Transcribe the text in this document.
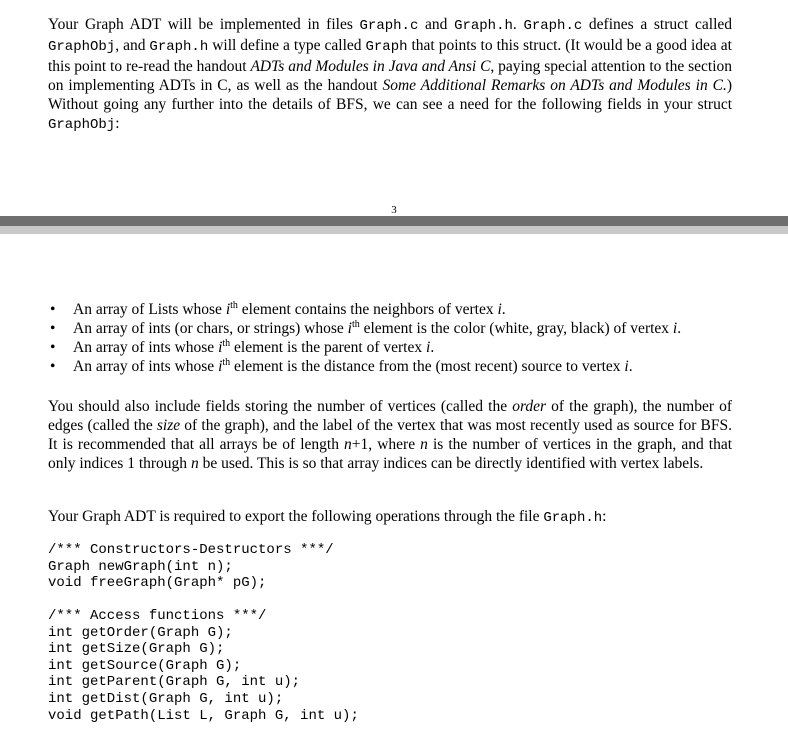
Your Graph ADT will be implemented in files Graph.c and Graph.h. Graph.c defines a struct called GraphObj, and Graph.h will define a type called Graph that points to this struct. (It would be a good idea at this point to re-read the handout ADTs and Modules in Java and Ansi C, paying special attention to the section on implementing ADTs in C, as well as the handout Some Additional Remarks on ADTs and Modules in C.) Without going any further into the details of BFS, we can see a need for the following fields in your struct GraphObj:

3
• An array of Lists whose $i^{th}$ element contains the neighbors of vertex i.
• An array of ints (or chars, or strings) whose $i^{th}$ element is the color (white, gray, black) of vertex i.
• An array of ints whose $i^{th}$ element is the parent of vertex i.
• An array of ints whose $i^{th}$ element is the distance from the (most recent) source to vertex i.

You should also include fields storing the number of vertices (called the order of the graph), the number of edges (called the size of the graph), and the label of the vertex that was most recently used as source for BFS. It is recommended that all arrays be of length n+1, where n is the number of vertices in the graph, and that only indices 1 through n be used. This is so that array indices can be directly identified with vertex labels.

Your Graph ADT is required to export the following operations through the file Graph.h:

/*** Constructors-Destructors ***/
Graph newGraph(int n);
void freeGraph(Graph* pG);
/*** Access functions ***/
int getOrder(Graph G);
int getSize(Graph G);
int getSource(Graph G);
int getParent(Graph G, int u);
int getDist(Graph G, int u);
void getPath(List L, Graph G, int u);
